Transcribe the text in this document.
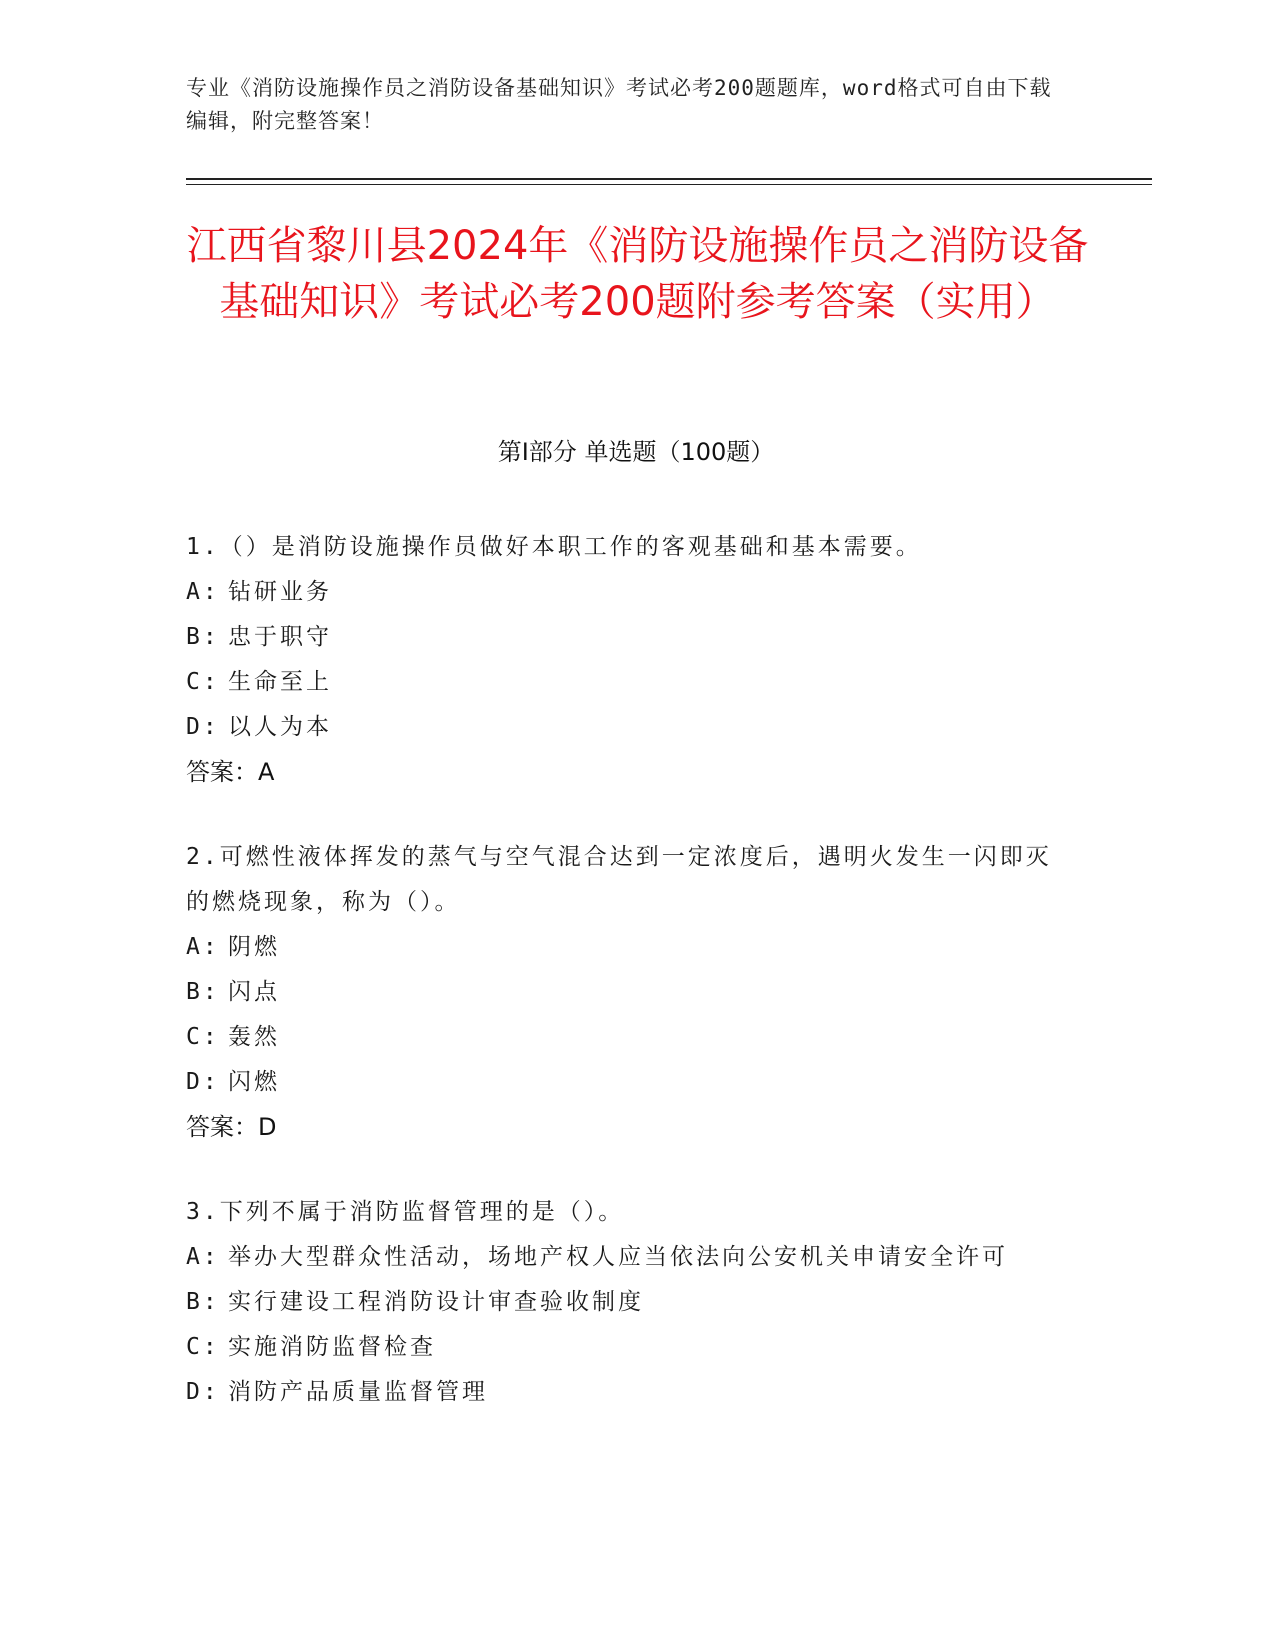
专业《消防设施操作员之消防设备基础知识》考试必考200题题库，word格式可自由下载编辑，附完整答案！
江西省黎川县2024年《消防设施操作员之消防设备基础知识》考试必考200题附参考答案（实用）
第Ⅰ部分 单选题（100题）
1.（）是消防设施操作员做好本职工作的客观基础和基本需要。
A: 钻研业务
B: 忠于职守
C: 生命至上
D: 以人为本
答案：A
2.可燃性液体挥发的蒸气与空气混合达到一定浓度后，遇明火发生一闪即灭的燃烧现象，称为（）。
A: 阴燃
B: 闪点
C: 轰然
D: 闪燃
答案：D
3.下列不属于消防监督管理的是（）。
A: 举办大型群众性活动，场地产权人应当依法向公安机关申请安全许可
B: 实行建设工程消防设计审查验收制度
C: 实施消防监督检查
D: 消防产品质量监督管理
